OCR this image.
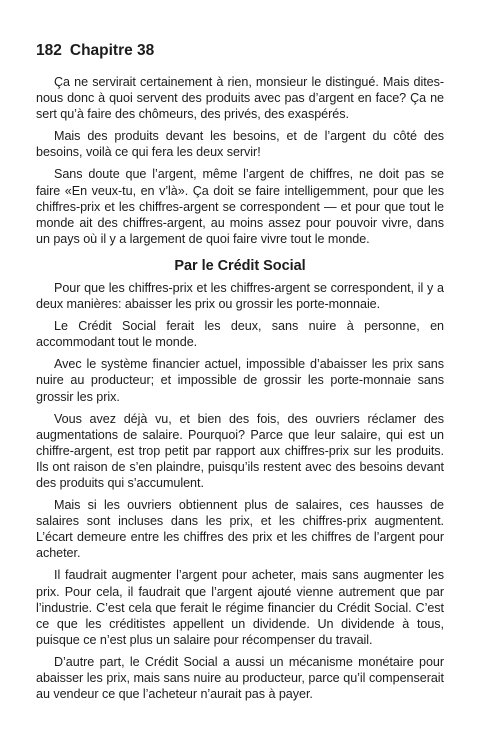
182 Chapitre 38

Ça ne servirait certainement à rien, monsieur le distingué. Mais dites-nous donc à quoi servent des produits avec pas d’argent en face? Ça ne sert qu’à faire des chômeurs, des privés, des exaspérés.

Mais des produits devant les besoins, et de l’argent du côté des besoins, voilà ce qui fera les deux servir!

Sans doute que l’argent, même l’argent de chiffres, ne doit pas se faire «En veux-tu, en v’là». Ça doit se faire intelligemment, pour que les chiffres-prix et les chiffres-argent se correspondent — et pour que tout le monde ait des chiffres-argent, au moins assez pour pouvoir vivre, dans un pays où il y a largement de quoi faire vivre tout le monde.

Par le Crédit Social

Pour que les chiffres-prix et les chiffres-argent se correspondent, il y a deux manières: abaisser les prix ou grossir les porte-monnaie.

Le Crédit Social ferait les deux, sans nuire à personne, en accommodant tout le monde.

Avec le système financier actuel, impossible d’abaisser les prix sans nuire au producteur; et impossible de grossir les porte-monnaie sans grossir les prix.

Vous avez déjà vu, et bien des fois, des ouvriers réclamer des augmentations de salaire. Pourquoi? Parce que leur salaire, qui est un chiffre-argent, est trop petit par rapport aux chiffres-prix sur les produits. Ils ont raison de s’en plaindre, puisqu’ils restent avec des besoins devant des produits qui s’accumulent.

Mais si les ouvriers obtiennent plus de salaires, ces hausses de salaires sont incluses dans les prix, et les chiffres-prix augmentent. L’écart demeure entre les chiffres des prix et les chiffres de l’argent pour acheter.

Il faudrait augmenter l’argent pour acheter, mais sans augmenter les prix. Pour cela, il faudrait que l’argent ajouté vienne autrement que par l’industrie. C’est cela que ferait le régime financier du Crédit Social. C’est ce que les créditistes appellent un dividende. Un dividende à tous, puisque ce n’est plus un salaire pour récompenser du travail.

D’autre part, le Crédit Social a aussi un mécanisme monétaire pour abaisser les prix, mais sans nuire au producteur, parce qu’il compenserait au vendeur ce que l’acheteur n’aurait pas à payer.
